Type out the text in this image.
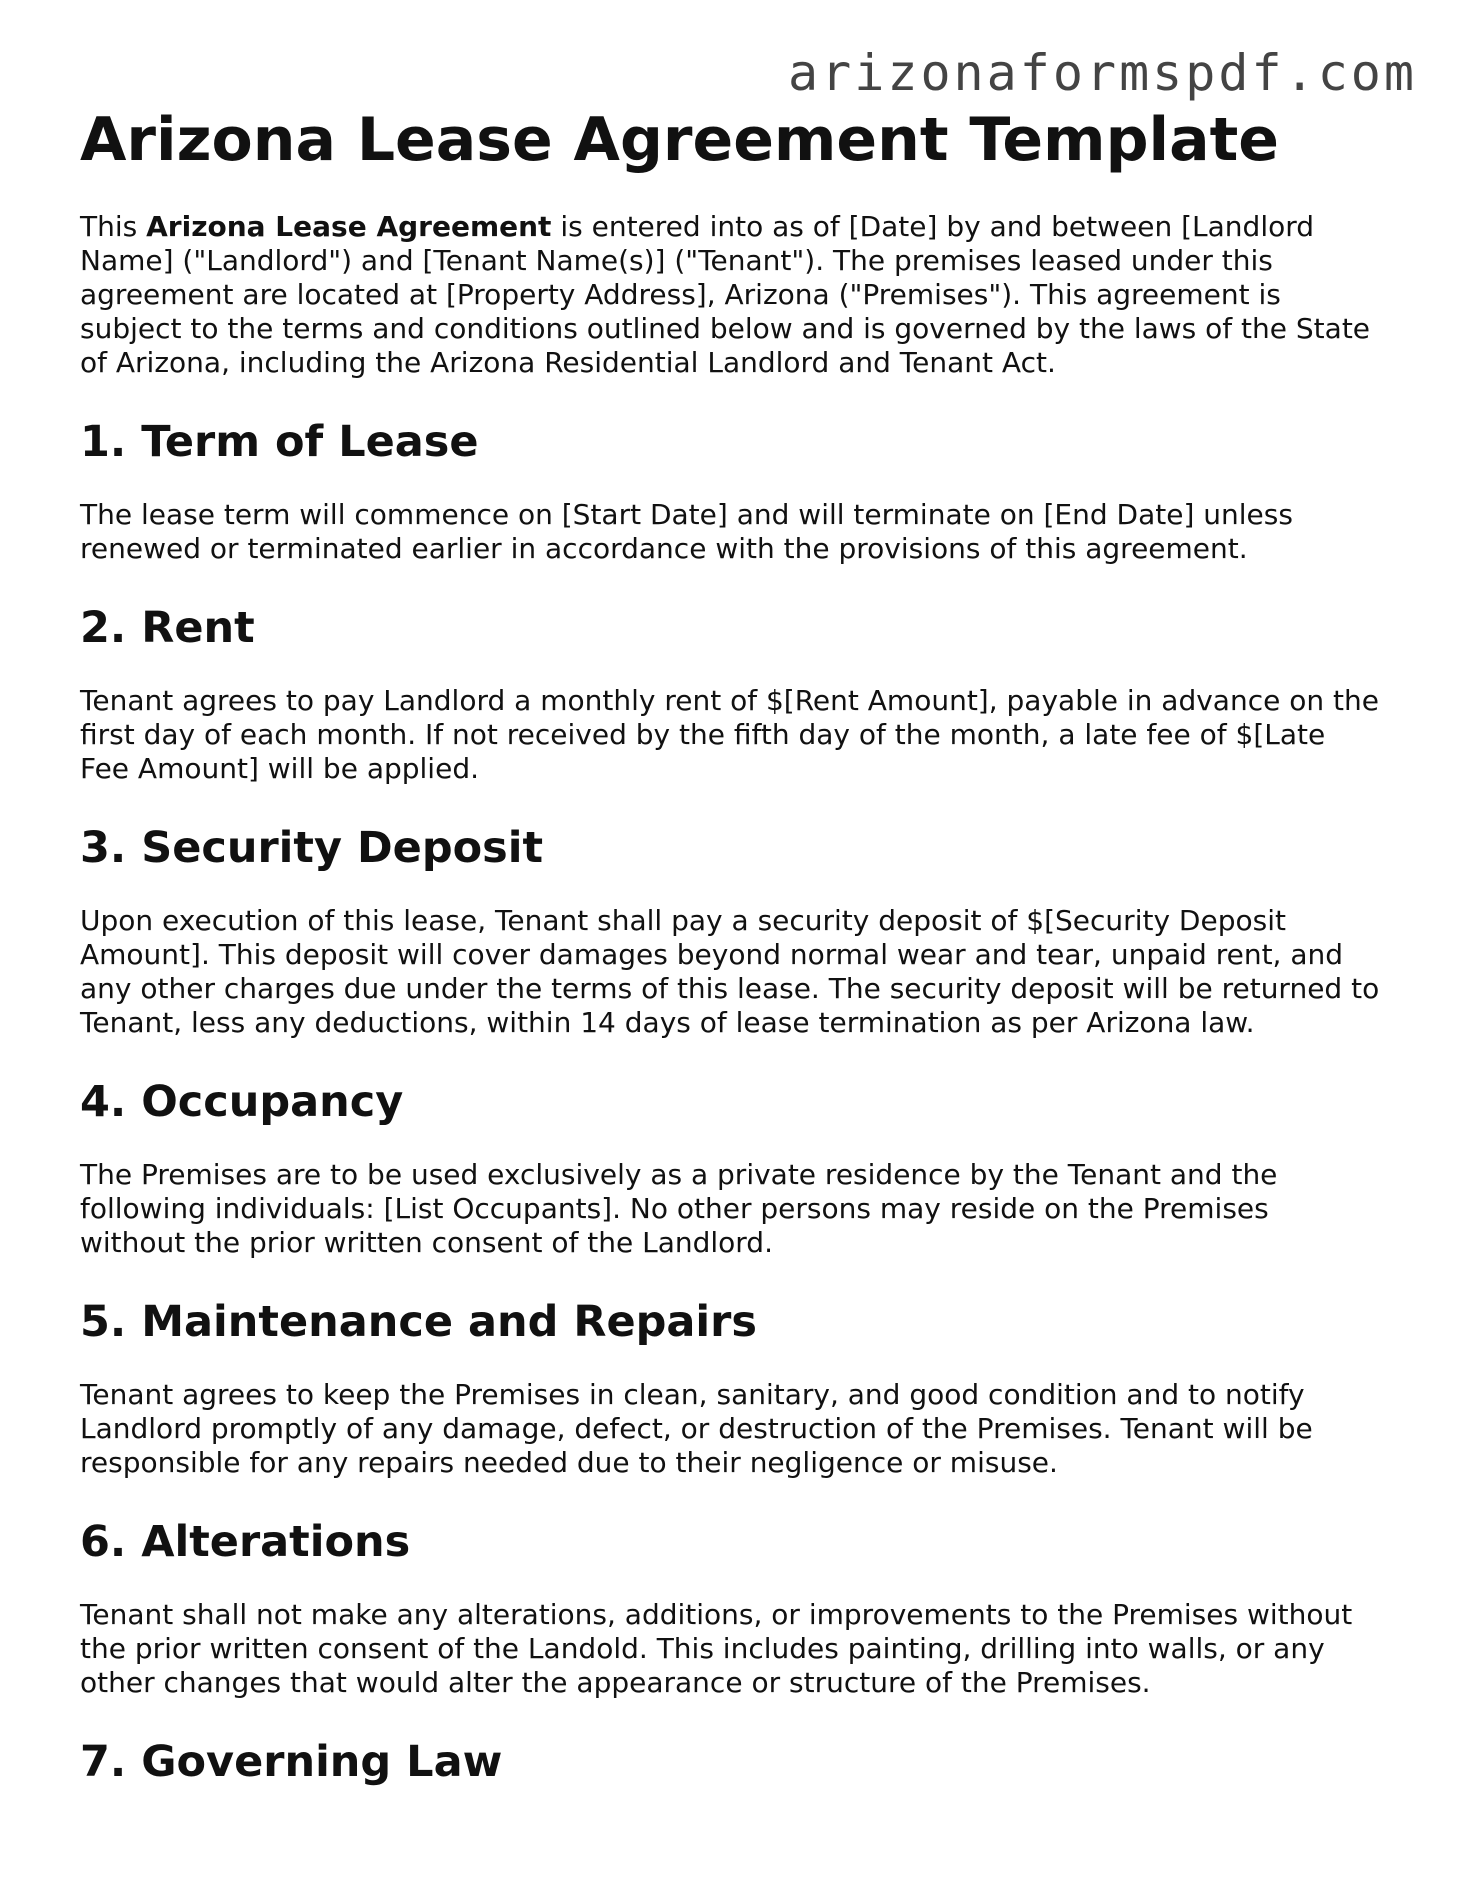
arizonaformspdf.com
Arizona Lease Agreement Template

This Arizona Lease Agreement is entered into as of [Date] by and between [Landlord Name] ("Landlord") and [Tenant Name(s)] ("Tenant"). The premises leased under this agreement are located at [Property Address], Arizona ("Premises"). This agreement is subject to the terms and conditions outlined below and is governed by the laws of the State of Arizona, including the Arizona Residential Landlord and Tenant Act.

1. Term of Lease

The lease term will commence on [Start Date] and will terminate on [End Date] unless renewed or terminated earlier in accordance with the provisions of this agreement.

2. Rent

Tenant agrees to pay Landlord a monthly rent of $[Rent Amount], payable in advance on the first day of each month. If not received by the fifth day of the month, a late fee of $[Late Fee Amount] will be applied.

3. Security Deposit

Upon execution of this lease, Tenant shall pay a security deposit of $[Security Deposit Amount]. This deposit will cover damages beyond normal wear and tear, unpaid rent, and any other charges due under the terms of this lease. The security deposit will be returned to Tenant, less any deductions, within 14 days of lease termination as per Arizona law.

4. Occupancy

The Premises are to be used exclusively as a private residence by the Tenant and the following individuals: [List Occupants]. No other persons may reside on the Premises without the prior written consent of the Landlord.

5. Maintenance and Repairs

Tenant agrees to keep the Premises in clean, sanitary, and good condition and to notify Landlord promptly of any damage, defect, or destruction of the Premises. Tenant will be responsible for any repairs needed due to their negligence or misuse.

6. Alterations

Tenant shall not make any alterations, additions, or improvements to the Premises without the prior written consent of the Landold. This includes painting, drilling into walls, or any other changes that would alter the appearance or structure of the Premises.

7. Governing Law
